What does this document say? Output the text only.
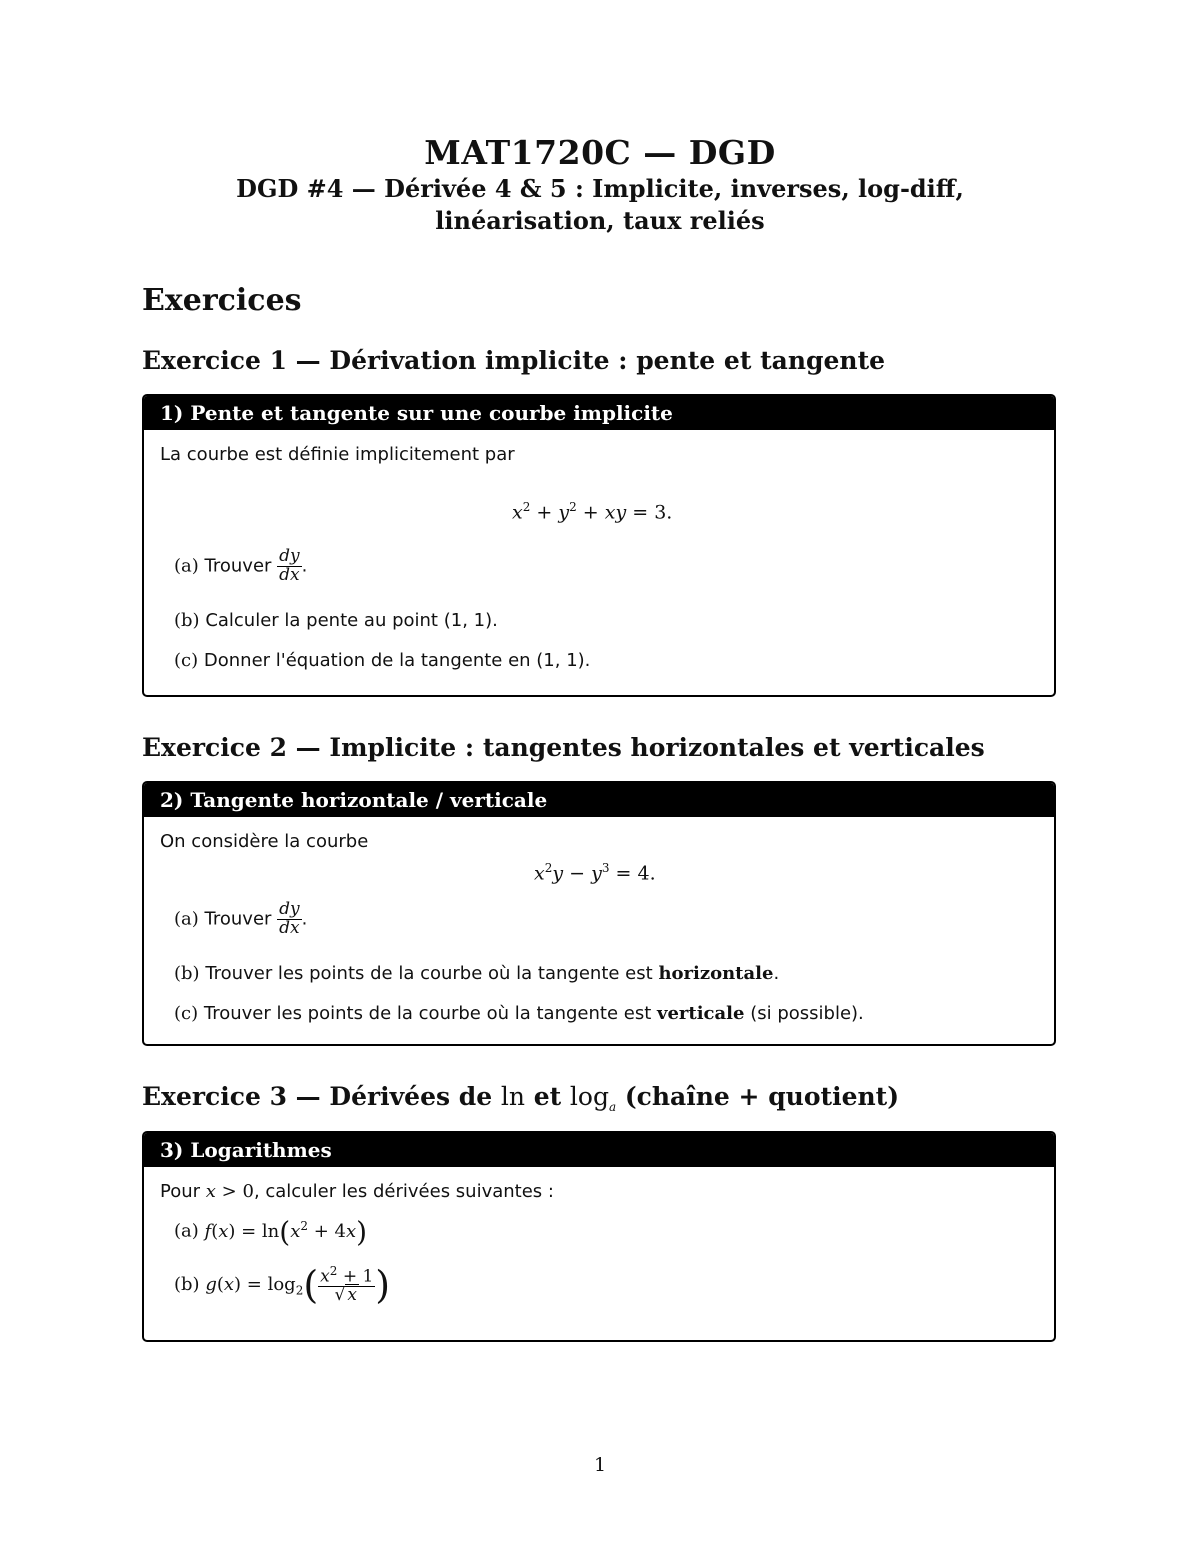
MAT1720C — DGD
DGD #4 — Dérivée 4 & 5 : Implicite, inverses, log-diff,
linéarisation, taux reliés
Exercices
Exercice 1 — Dérivation implicite : pente et tangente
1) Pente et tangente sur une courbe implicite
La courbe est définie implicitement par
$x^2 + y^2$ + xy = 3.
(a) Trouver $\frac{dy}{dx}$ .
(b) Calculer la pente au point (1, 1).
(c) Donner l'équation de la tangente en (1, 1).
Exercice 2 — Implicite : tangentes horizontales et verticales
2) Tangente horizontale / verticale
On considère la courbe
$x^2y - y^3 = 4$.
(a) Trouver $\frac{dy}{dx}$ .
(b) Trouver les points de la courbe où la tangente est horizontale.
(c) Trouver les points de la courbe où la tangente est verticale (si possible).
Exercice 3 — Dérivées de ln et $\log_a$ (chaîne + quotient)
3) Logarithmes
Pour x > 0, calculer les dérivées suivantes :
(a) $f(x) = \ln(x^2 + 4x)$
(b) $g(x) = \log_2( \frac{x^2 + 1}{√ x}$ )
1
